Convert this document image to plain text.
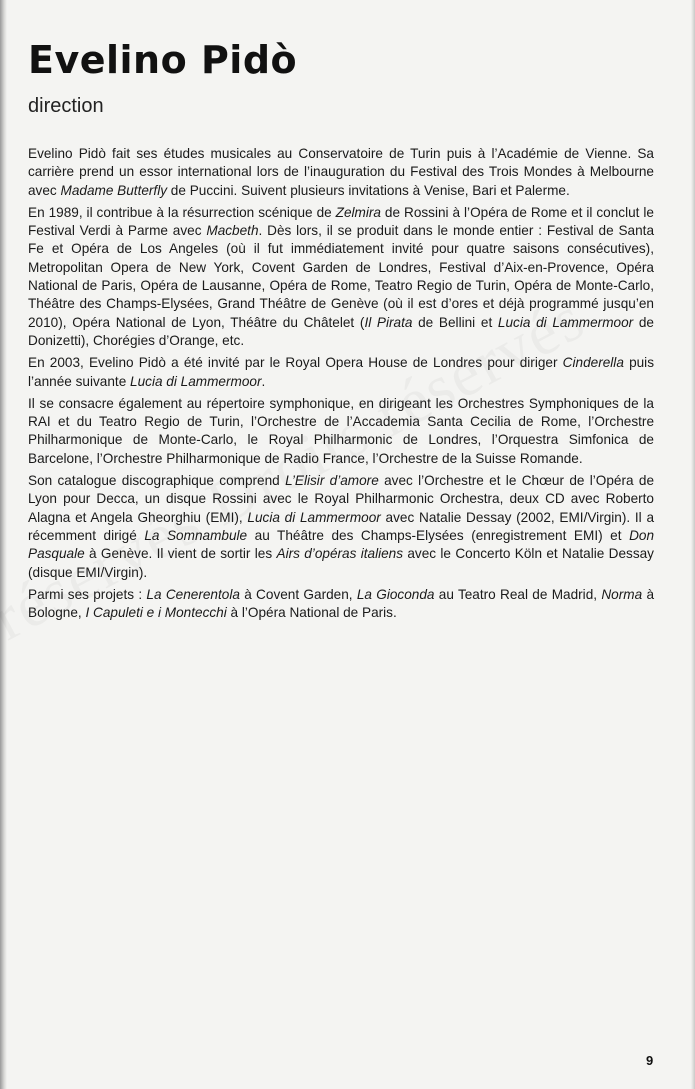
Evelino Pidò
direction

Evelino Pidò fait ses études musicales au Conservatoire de Turin puis à l’Académie de Vienne. Sa carrière prend un essor international lors de l’inauguration du Festival des Trois Mondes à Melbourne avec Madame Butterfly de Puccini. Suivent plusieurs invitations à Venise, Bari et Palerme.

En 1989, il contribue à la résurrection scénique de Zelmira de Rossini à l’Opéra de Rome et il conclut le Festival Verdi à Parme avec Macbeth. Dès lors, il se produit dans le monde entier : Festival de Santa Fe et Opéra de Los Angeles (où il fut immédiatement invité pour quatre saisons consécutives), Metropolitan Opera de New York, Covent Garden de Londres, Festival d’Aix-en-Provence, Opéra National de Paris, Opéra de Lausanne, Opéra de Rome, Teatro Regio de Turin, Opéra de Monte-Carlo, Théâtre des Champs-Elysées, Grand Théâtre de Genève (où il est d’ores et déjà programmé jusqu’en 2010), Opéra National de Lyon, Théâtre du Châtelet (Il Pirata de Bellini et Lucia di Lammermoor de Donizetti), Chorégies d’Orange, etc.

En 2003, Evelino Pidò a été invité par le Royal Opera House de Londres pour diriger Cinderella puis l’année suivante Lucia di Lammermoor.

Il se consacre également au répertoire symphonique, en dirigeant les Orchestres Symphoniques de la RAI et du Teatro Regio de Turin, l’Orchestre de l’Accademia Santa Cecilia de Rome, l’Orchestre Philharmonique de Monte-Carlo, le Royal Philharmonic de Londres, l’Orquestra Simfonica de Barcelone, l’Orchestre Philharmonique de Radio France, l’Orchestre de la Suisse Romande.

Son catalogue discographique comprend L’Elisir d’amore avec l’Orchestre et le Chœur de l’Opéra de Lyon pour Decca, un disque Rossini avec le Royal Philharmonic Orchestra, deux CD avec Roberto Alagna et Angela Gheorghiu (EMI), Lucia di Lammermoor avec Natalie Dessay (2002, EMI/Virgin). Il a récemment dirigé La Somnambule au Théâtre des Champs-Elysées (enregistrement EMI) et Don Pasquale à Genève. Il vient de sortir les Airs d’opéras italiens avec le Concerto Köln et Natalie Dessay (disque EMI/Virgin).

Parmi ses projets : La Cenerentola à Covent Garden, La Gioconda au Teatro Real de Madrid, Norma à Bologne, I Capuleti e i Montecchi à l’Opéra National de Paris.

9
